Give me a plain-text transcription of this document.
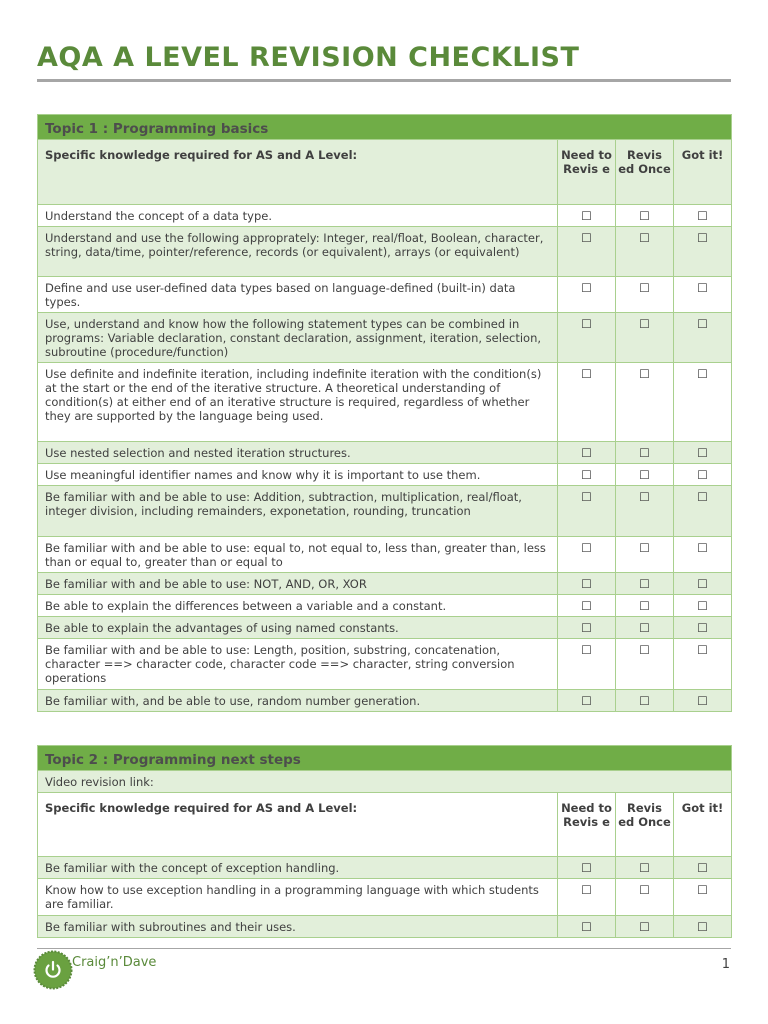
AQA A LEVEL REVISION CHECKLIST
Topic 1 : Programming basics			
Specific knowledge required for AS and A Level:	Need to Revis e	Revis ed Once	Got it!
Understand the concept of a data type.	☐	☐	☐
Understand and use the following approprately: Integer, real/float, Boolean, character, string, data/time, pointer/reference, records (or equivalent), arrays (or equivalent)	☐	☐	☐
Define and use user-defined data types based on language-defined (built-in) data types.	☐	☐	☐
Use, understand and know how the following statement types can be combined in programs: Variable declaration, constant declaration, assignment, iteration, selection, subroutine (procedure/function)	☐	☐	☐
Use definite and indefinite iteration, including indefinite iteration with the condition(s) at the start or the end of the iterative structure. A theoretical understanding of condition(s) at either end of an iterative structure is required, regardless of whether they are supported by the language being used.	☐	☐	☐
Use nested selection and nested iteration structures.	☐	☐	☐
Use meaningful identifier names and know why it is important to use them.	☐	☐	☐
Be familiar with and be able to use: Addition, subtraction, multiplication, real/float, integer division, including remainders, exponetation, rounding, truncation	☐	☐	☐
Be familiar with and be able to use: equal to, not equal to, less than, greater than, less than or equal to, greater than or equal to	☐	☐	☐
Be familiar with and be able to use: NOT, AND, OR, XOR	☐	☐	☐
Be able to explain the differences between a variable and a constant.	☐	☐	☐
Be able to explain the advantages of using named constants.	☐	☐	☐
Be familiar with and be able to use: Length, position, substring, concatenation, character ==> character code, character code ==> character, string conversion operations	☐	☐	☐
Be familiar with, and be able to use, random number generation.	☐	☐	☐
Topic 2 : Programming next steps			
Video revision link:			
Specific knowledge required for AS and A Level:	Need to Revis e	Revis ed Once	Got it!
Be familiar with the concept of exception handling.	☐	☐	☐
Know how to use exception handling in a programming language with which students are familiar.	☐	☐	☐
Be familiar with subroutines and their uses.	☐	☐	☐
Craig’n’Dave	1
